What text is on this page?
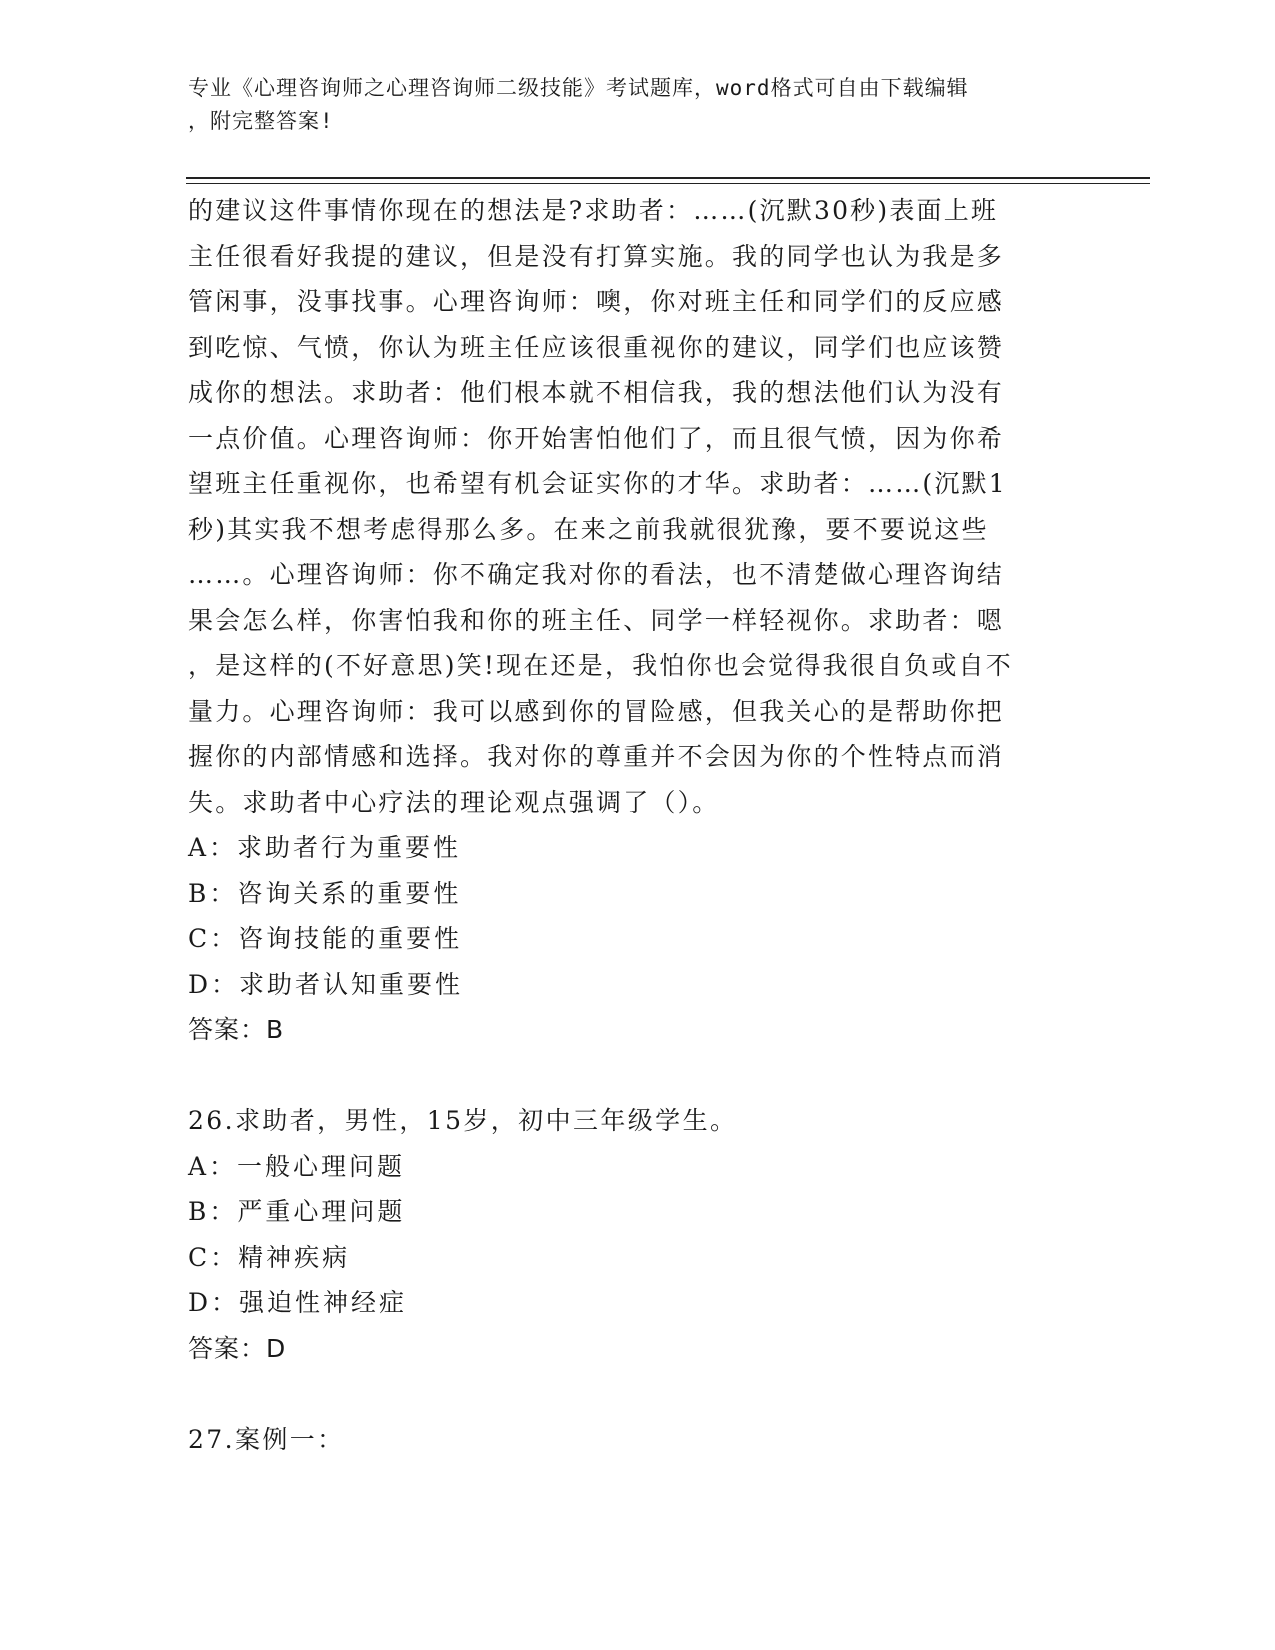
专业《心理咨询师之心理咨询师二级技能》考试题库，word格式可自由下载编辑
，附完整答案!

的建议这件事情你现在的想法是?求助者：……(沉默30秒)表面上班

主任很看好我提的建议，但是没有打算实施。我的同学也认为我是多

管闲事，没事找事。心理咨询师：噢，你对班主任和同学们的反应感

到吃惊、气愤，你认为班主任应该很重视你的建议，同学们也应该赞

成你的想法。求助者：他们根本就不相信我，我的想法他们认为没有

一点价值。心理咨询师：你开始害怕他们了，而且很气愤，因为你希

望班主任重视你，也希望有机会证实你的才华。求助者：……(沉默1

秒)其实我不想考虑得那么多。在来之前我就很犹豫，要不要说这些

……。心理咨询师：你不确定我对你的看法，也不清楚做心理咨询结

果会怎么样，你害怕我和你的班主任、同学一样轻视你。求助者：嗯

，是这样的(不好意思)笑!现在还是，我怕你也会觉得我很自负或自不

量力。心理咨询师：我可以感到你的冒险感，但我关心的是帮助你把

握你的内部情感和选择。我对你的尊重并不会因为你的个性特点而消

失。求助者中心疗法的理论观点强调了（）。

A：求助者行为重要性
B：咨询关系的重要性
C：咨询技能的重要性
D：求助者认知重要性

答案：B

26.求助者，男性，15岁，初中三年级学生。

A：一般心理问题
B：严重心理问题
C：精神疾病
D：强迫性神经症

答案：D

27.案例一：
